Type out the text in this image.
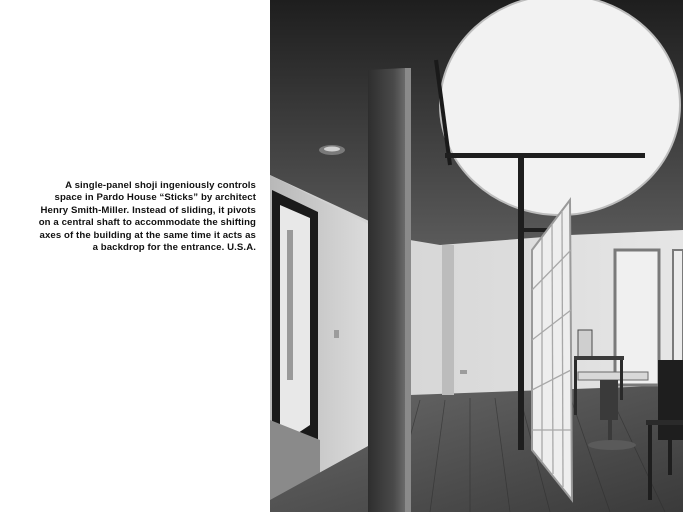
A single-panel shoji ingeniously controls
space in Pardo House “Sticks” by architect
Henry Smith-Miller. Instead of sliding, it pivots
on a central shaft to accommodate the shifting
axes of the building at the same time it acts as
a backdrop for the entrance. U.S.A.
